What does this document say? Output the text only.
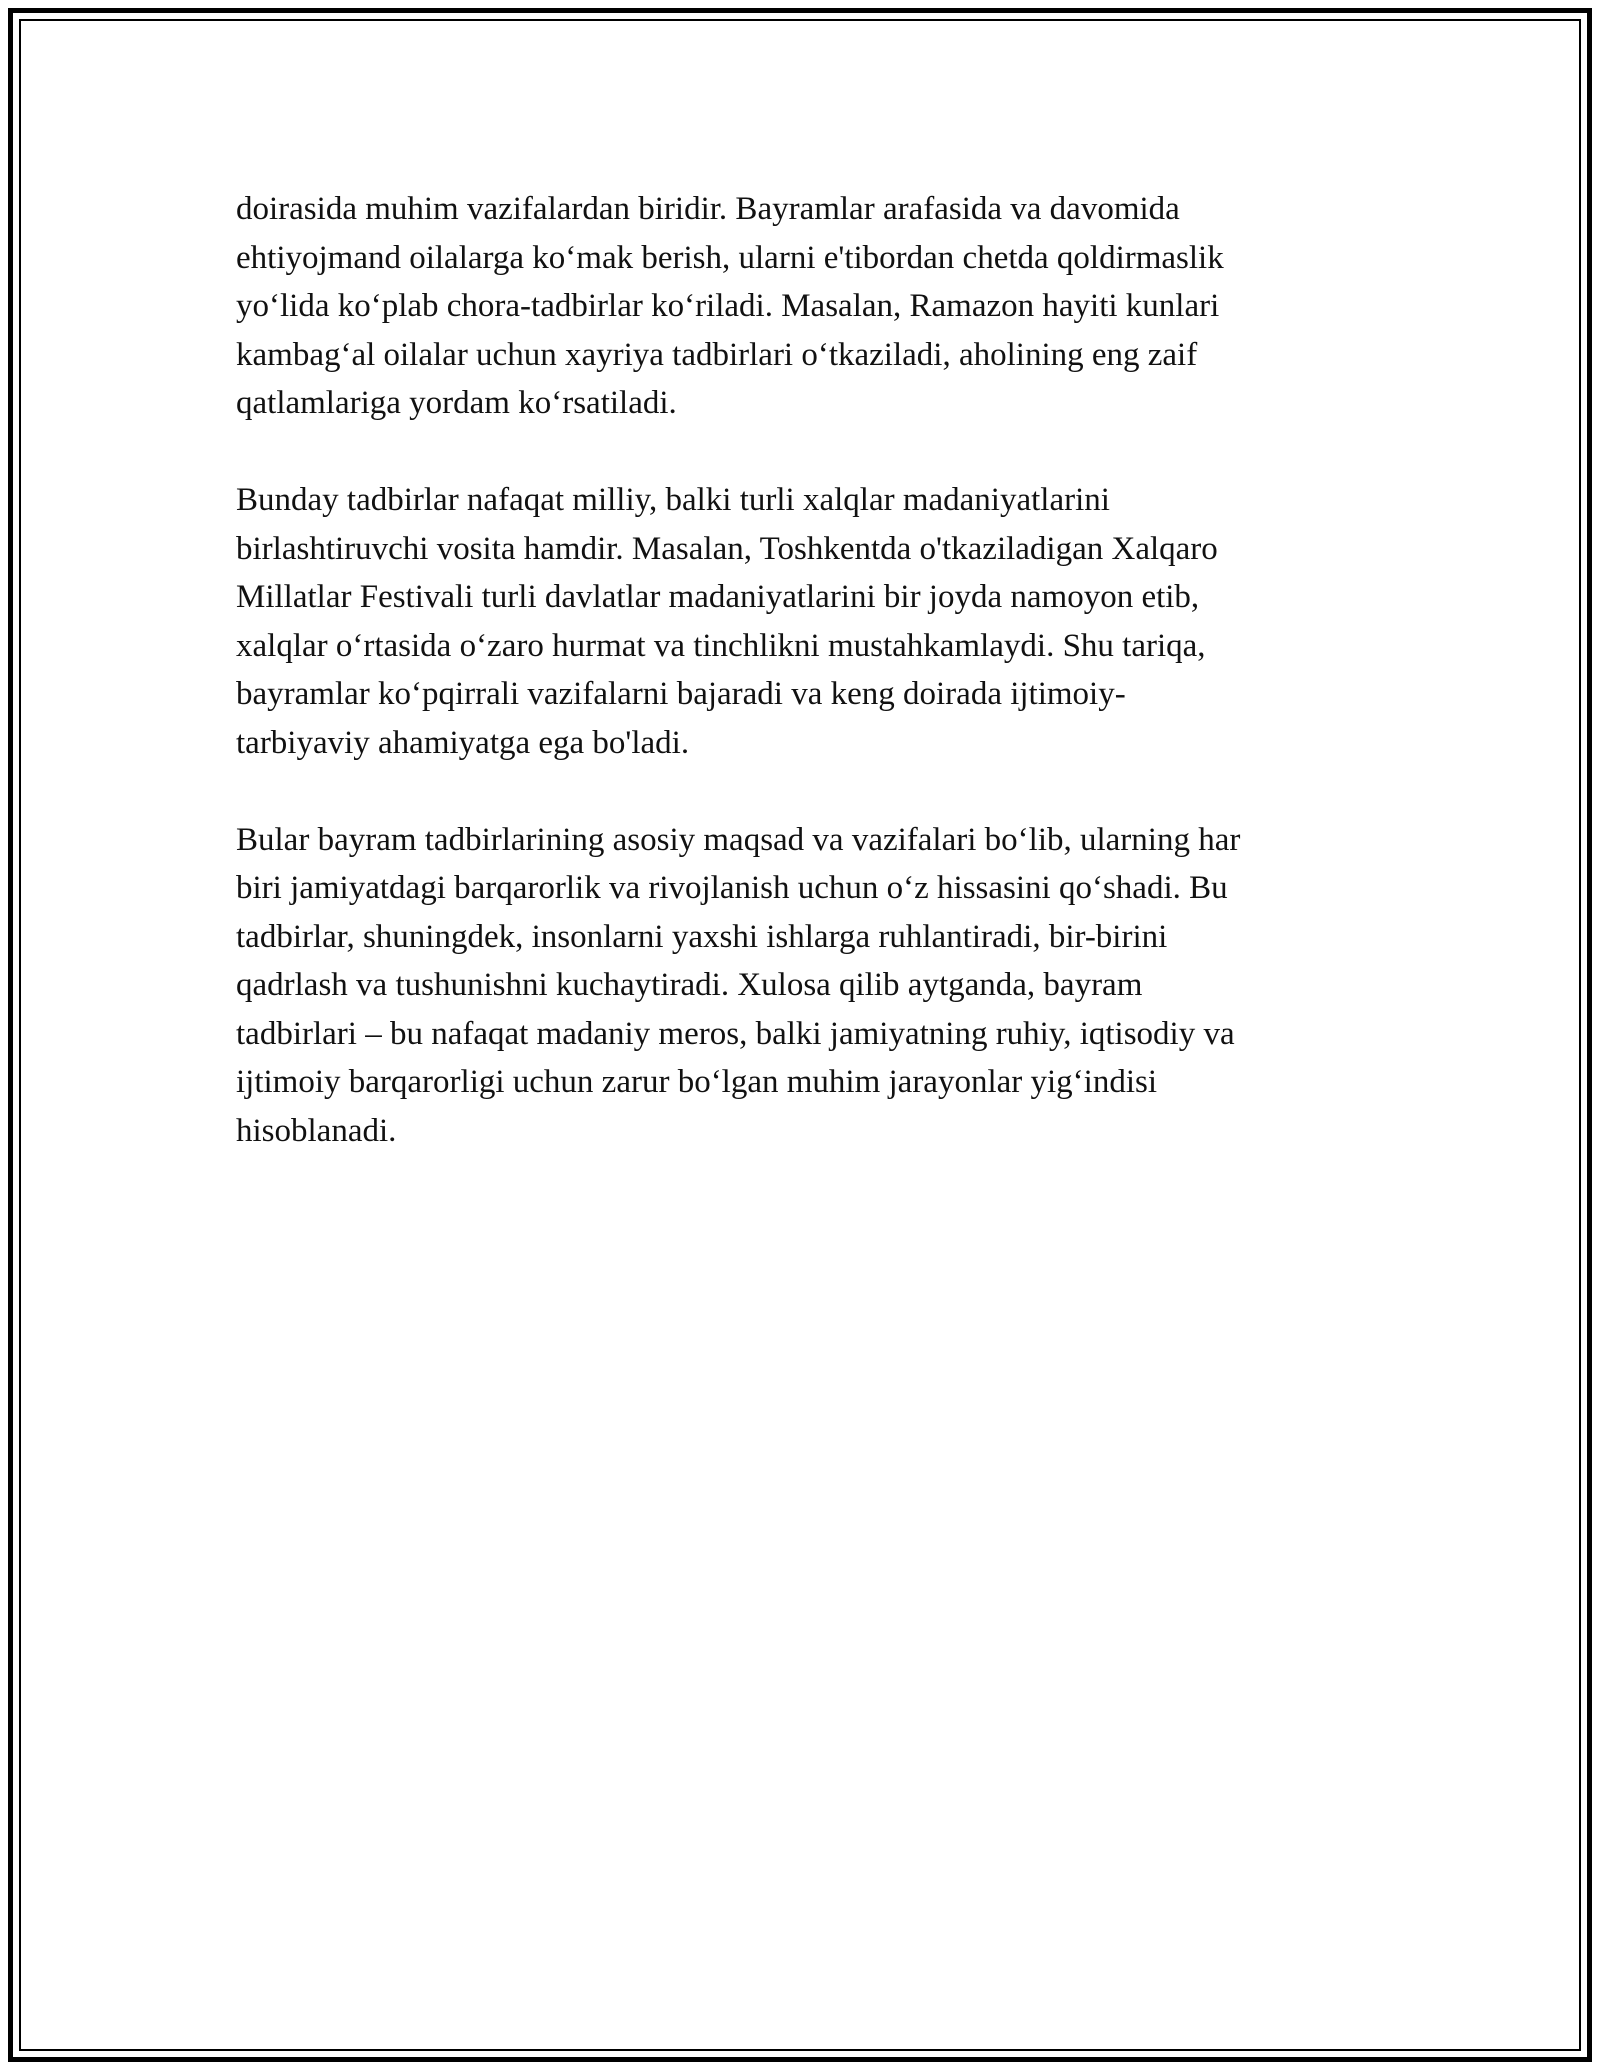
doirasida muhim vazifalardan biridir. Bayramlar arafasida va davomida
ehtiyojmand oilalarga ko‘mak berish, ularni e'tibordan chetda qoldirmaslik
yo‘lida ko‘plab chora-tadbirlar ko‘riladi. Masalan, Ramazon hayiti kunlari
kambag‘al oilalar uchun xayriya tadbirlari o‘tkaziladi, aholining eng zaif
qatlamlariga yordam ko‘rsatiladi.

Bunday tadbirlar nafaqat milliy, balki turli xalqlar madaniyatlarini
birlashtiruvchi vosita hamdir. Masalan, Toshkentda o'tkaziladigan Xalqaro
Millatlar Festivali turli davlatlar madaniyatlarini bir joyda namoyon etib,
xalqlar o‘rtasida o‘zaro hurmat va tinchlikni mustahkamlaydi. Shu tariqa,
bayramlar ko‘pqirrali vazifalarni bajaradi va keng doirada ijtimoiy-
tarbiyaviy ahamiyatga ega bo'ladi.

Bular bayram tadbirlarining asosiy maqsad va vazifalari bo‘lib, ularning har
biri jamiyatdagi barqarorlik va rivojlanish uchun o‘z hissasini qo‘shadi. Bu
tadbirlar, shuningdek, insonlarni yaxshi ishlarga ruhlantiradi, bir-birini
qadrlash va tushunishni kuchaytiradi. Xulosa qilib aytganda, bayram
tadbirlari – bu nafaqat madaniy meros, balki jamiyatning ruhiy, iqtisodiy va
ijtimoiy barqarorligi uchun zarur bo‘lgan muhim jarayonlar yig‘indisi
hisoblanadi.
